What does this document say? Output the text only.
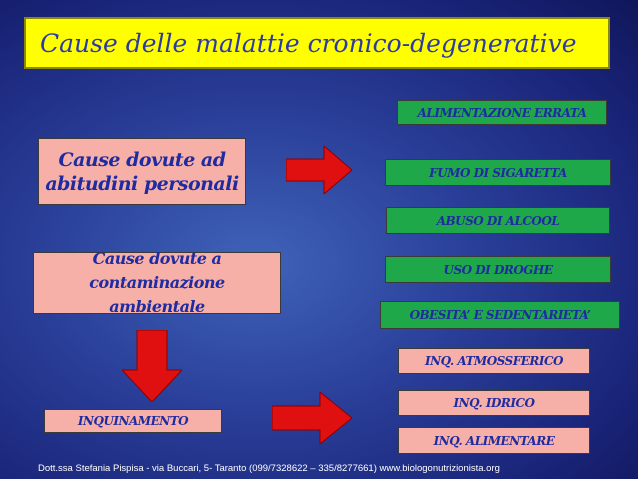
Cause delle malattie cronico-degenerative
Cause dovute ad abitudini personali
Cause dovute a contaminazione ambientale
INQUINAMENTO
ALIMENTAZIONE ERRATA
FUMO DI SIGARETTA
ABUSO DI ALCOOL
USO DI DROGHE
OBESITA’ E SEDENTARIETA’
INQ. ATMOSSFERICO
INQ. IDRICO
INQ. ALIMENTARE
Dott.ssa Stefania Pispisa - via Buccari, 5- Taranto (099/7328622 – 335/8277661) www.biologonutrizionista.org
